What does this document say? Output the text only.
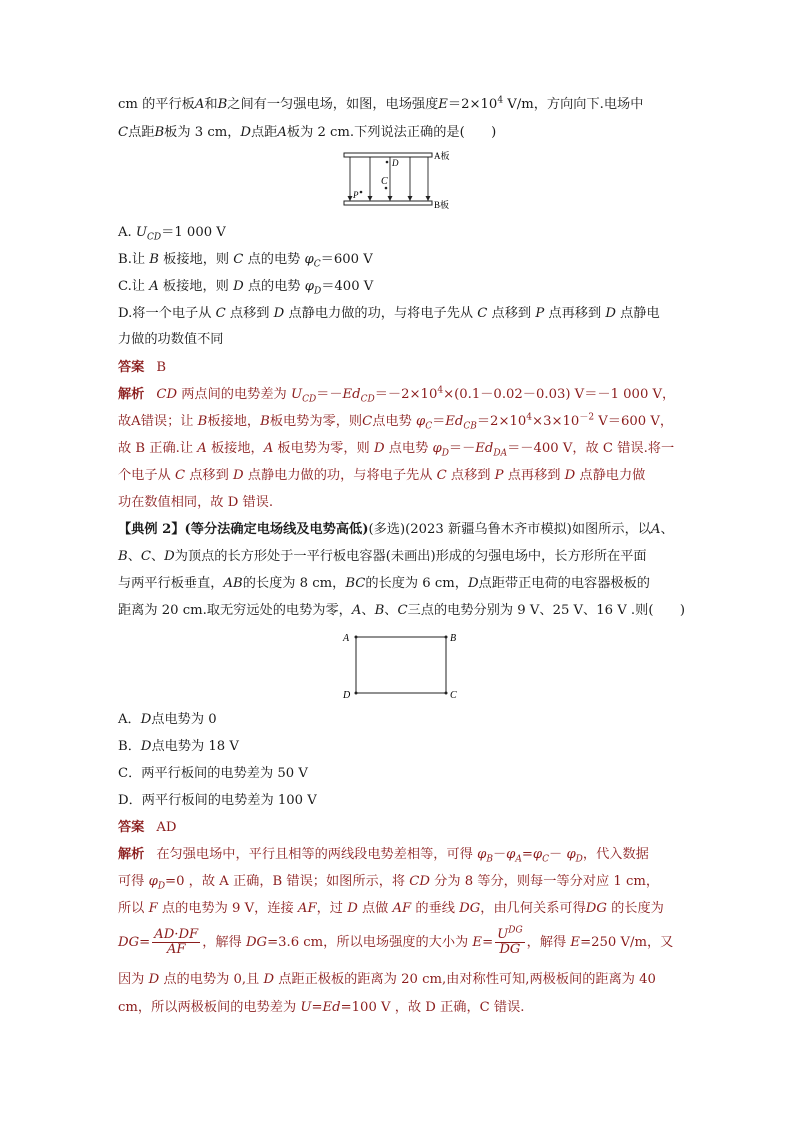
cm 的平行板A和B之间有一匀强电场，如图，电场强度$E=2\times 10^4$ V/m，方向向下.电场中
C点距B板为 3 cm，D点距A板为 2 cm.下列说法正确的是(　　)
D
C
P
A板
B板
A. $U_{CD}=1$ 000 V
B.让 B 板接地，则 C 点的电势 $\varphi_C=600$ V
C.让 A 板接地，则 D 点的电势 $\varphi_D=400$ V
D.将一个电子从 C 点移到 D 点静电力做的功，与将电子先从 C 点移到 P 点再移到 D 点静电
力做的功数值不同
答案 B
解析 CD 两点间的电势差为 $U_{CD}=-Ed_{CD}=-2\times 10^4\times(0.1-0.02-0.03)$ V＝－1 000 V，
故A错误；让 B板接地，B板电势为零，则C点电势 $\varphi_C=Ed_{CB}=2\times 10^4\times 3\times 10^{-2}$ V＝600 V，
故 B 正确.让 A 板接地，A 板电势为零，则 D 点电势 $\varphi_D=-Ed_{DA}=-400$ V，故 C 错误.将一
个电子从 C 点移到 D 点静电力做的功，与将电子先从 C 点移到 P 点再移到 D 点静电力做
功在数值相同，故 D 错误.
【典例 2】(等分法确定电场线及电势高低)(多选)(2023 新疆乌鲁木齐市模拟)如图所示，以A、
B、C、D为顶点的长方形处于一平行板电容器(未画出)形成的匀强电场中，长方形所在平面
与两平行板垂直，AB的长度为 8 cm，BC的长度为 6 cm，D点距带正电荷的电容器极板的
距离为 20 cm.取无穷远处的电势为零，A、B、C三点的电势分别为 9 V、25 V、16 V .则(　　)
A	B
C
D
A．D点电势为 0
B．D点电势为 18 V
C．两平行板间的电势差为 50 V
D．两平行板间的电势差为 100 V
答案 AD
解析 在匀强电场中，平行且相等的两线段电势差相等，可得 $\varphi_B-\varphi_A=\varphi_C- \varphi_D$，代入数据
可得 $\varphi_D=0$ ，故 A 正确，B 错误；如图所示，将 CD 分为 8 等分，则每一等分对应 1 cm，
所以 F 点的电势为 9 V，连接 AF，过 D 点做 AF 的垂线 DG，由几何关系可得DG 的长度为
$DG= \frac{AD\cdot DF}{AF}$ ，解得 DG=3.6 cm，所以电场强度的大小为 $E= \frac{U^{DG}}{DG}$ ，解得 E=250 V/m，又
因为 D 点的电势为 0,且 D 点距正极板的距离为 20 cm,由对称性可知,两极板间的距离为 40
cm，所以两极板间的电势差为 U=Ed=100 V ，故 D 正确，C 错误.
